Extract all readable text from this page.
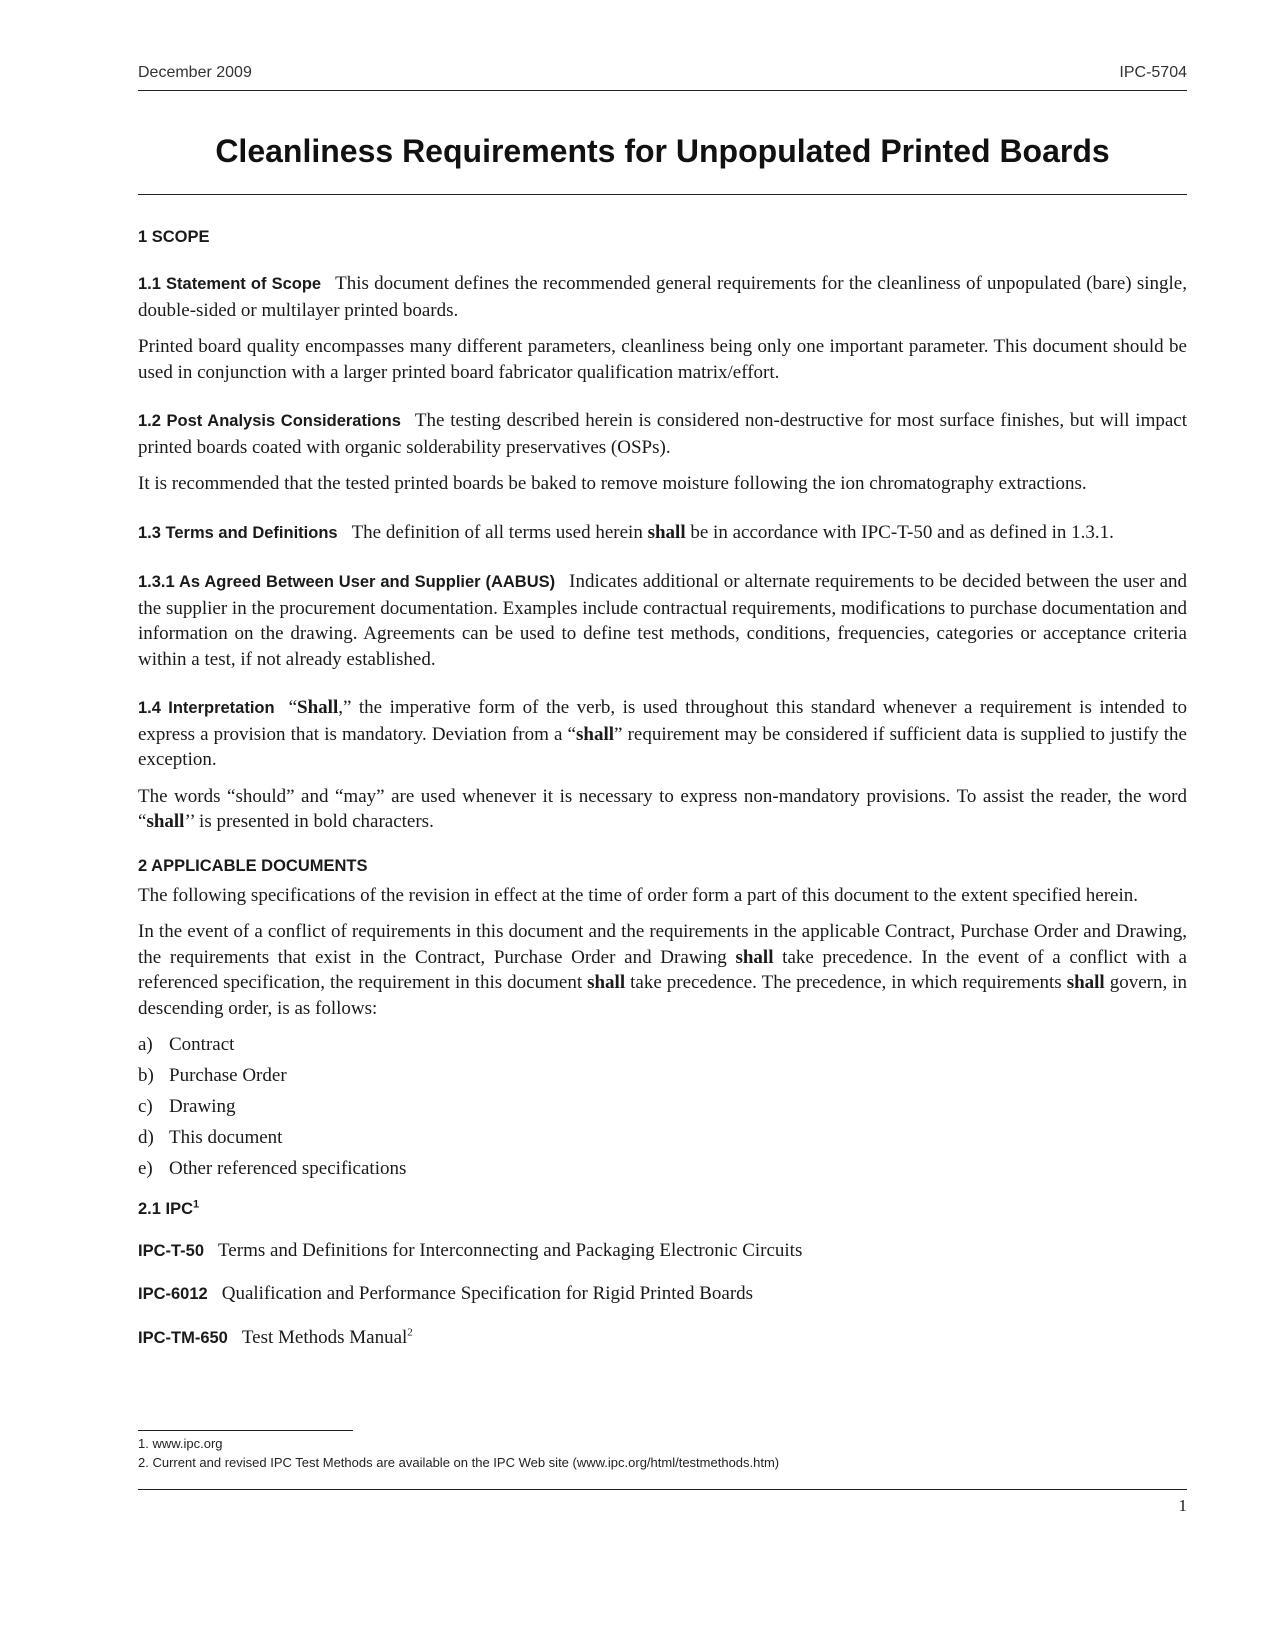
December 2009	IPC-5704
Cleanliness Requirements for Unpopulated Printed Boards
1 SCOPE

1.1 Statement of Scope This document defines the recommended general requirements for the cleanliness of unpopulated (bare) single, double-sided or multilayer printed boards.

Printed board quality encompasses many different parameters, cleanliness being only one important parameter. This document should be used in conjunction with a larger printed board fabricator qualification matrix/effort.

1.2 Post Analysis Considerations The testing described herein is considered non-destructive for most surface finishes, but will impact printed boards coated with organic solderability preservatives (OSPs).

It is recommended that the tested printed boards be baked to remove moisture following the ion chromatography extractions.

1.3 Terms and Definitions The definition of all terms used herein shall be in accordance with IPC-T-50 and as defined in 1.3.1.

1.3.1 As Agreed Between User and Supplier (AABUS) Indicates additional or alternate requirements to be decided between the user and the supplier in the procurement documentation. Examples include contractual requirements, modifications to purchase documentation and information on the drawing. Agreements can be used to define test methods, conditions, frequencies, categories or acceptance criteria within a test, if not already established.

1.4 Interpretation “Shall,” the imperative form of the verb, is used throughout this standard whenever a requirement is intended to express a provision that is mandatory. Deviation from a “shall” requirement may be considered if sufficient data is supplied to justify the exception.

The words “should” and “may” are used whenever it is necessary to express non-mandatory provisions. To assist the reader, the word “shall’’ is presented in bold characters.

2 APPLICABLE DOCUMENTS

The following specifications of the revision in effect at the time of order form a part of this document to the extent specified herein.

In the event of a conflict of requirements in this document and the requirements in the applicable Contract, Purchase Order and Drawing, the requirements that exist in the Contract, Purchase Order and Drawing shall take precedence. In the event of a conflict with a referenced specification, the requirement in this document shall take precedence. The precedence, in which requirements shall govern, in descending order, is as follows:

a) Contract
b) Purchase Order
c) Drawing
d) This document
e) Other referenced specifications
2.1 IPC$^1$
IPC-T-50 Terms and Definitions for Interconnecting and Packaging Electronic Circuits
IPC-6012 Qualification and Performance Specification for Rigid Printed Boards
IPC-TM-650 Test Methods Manual$^2$
1. www.ipc.org
2. Current and revised IPC Test Methods are available on the IPC Web site (www.ipc.org/html/testmethods.htm)
1
